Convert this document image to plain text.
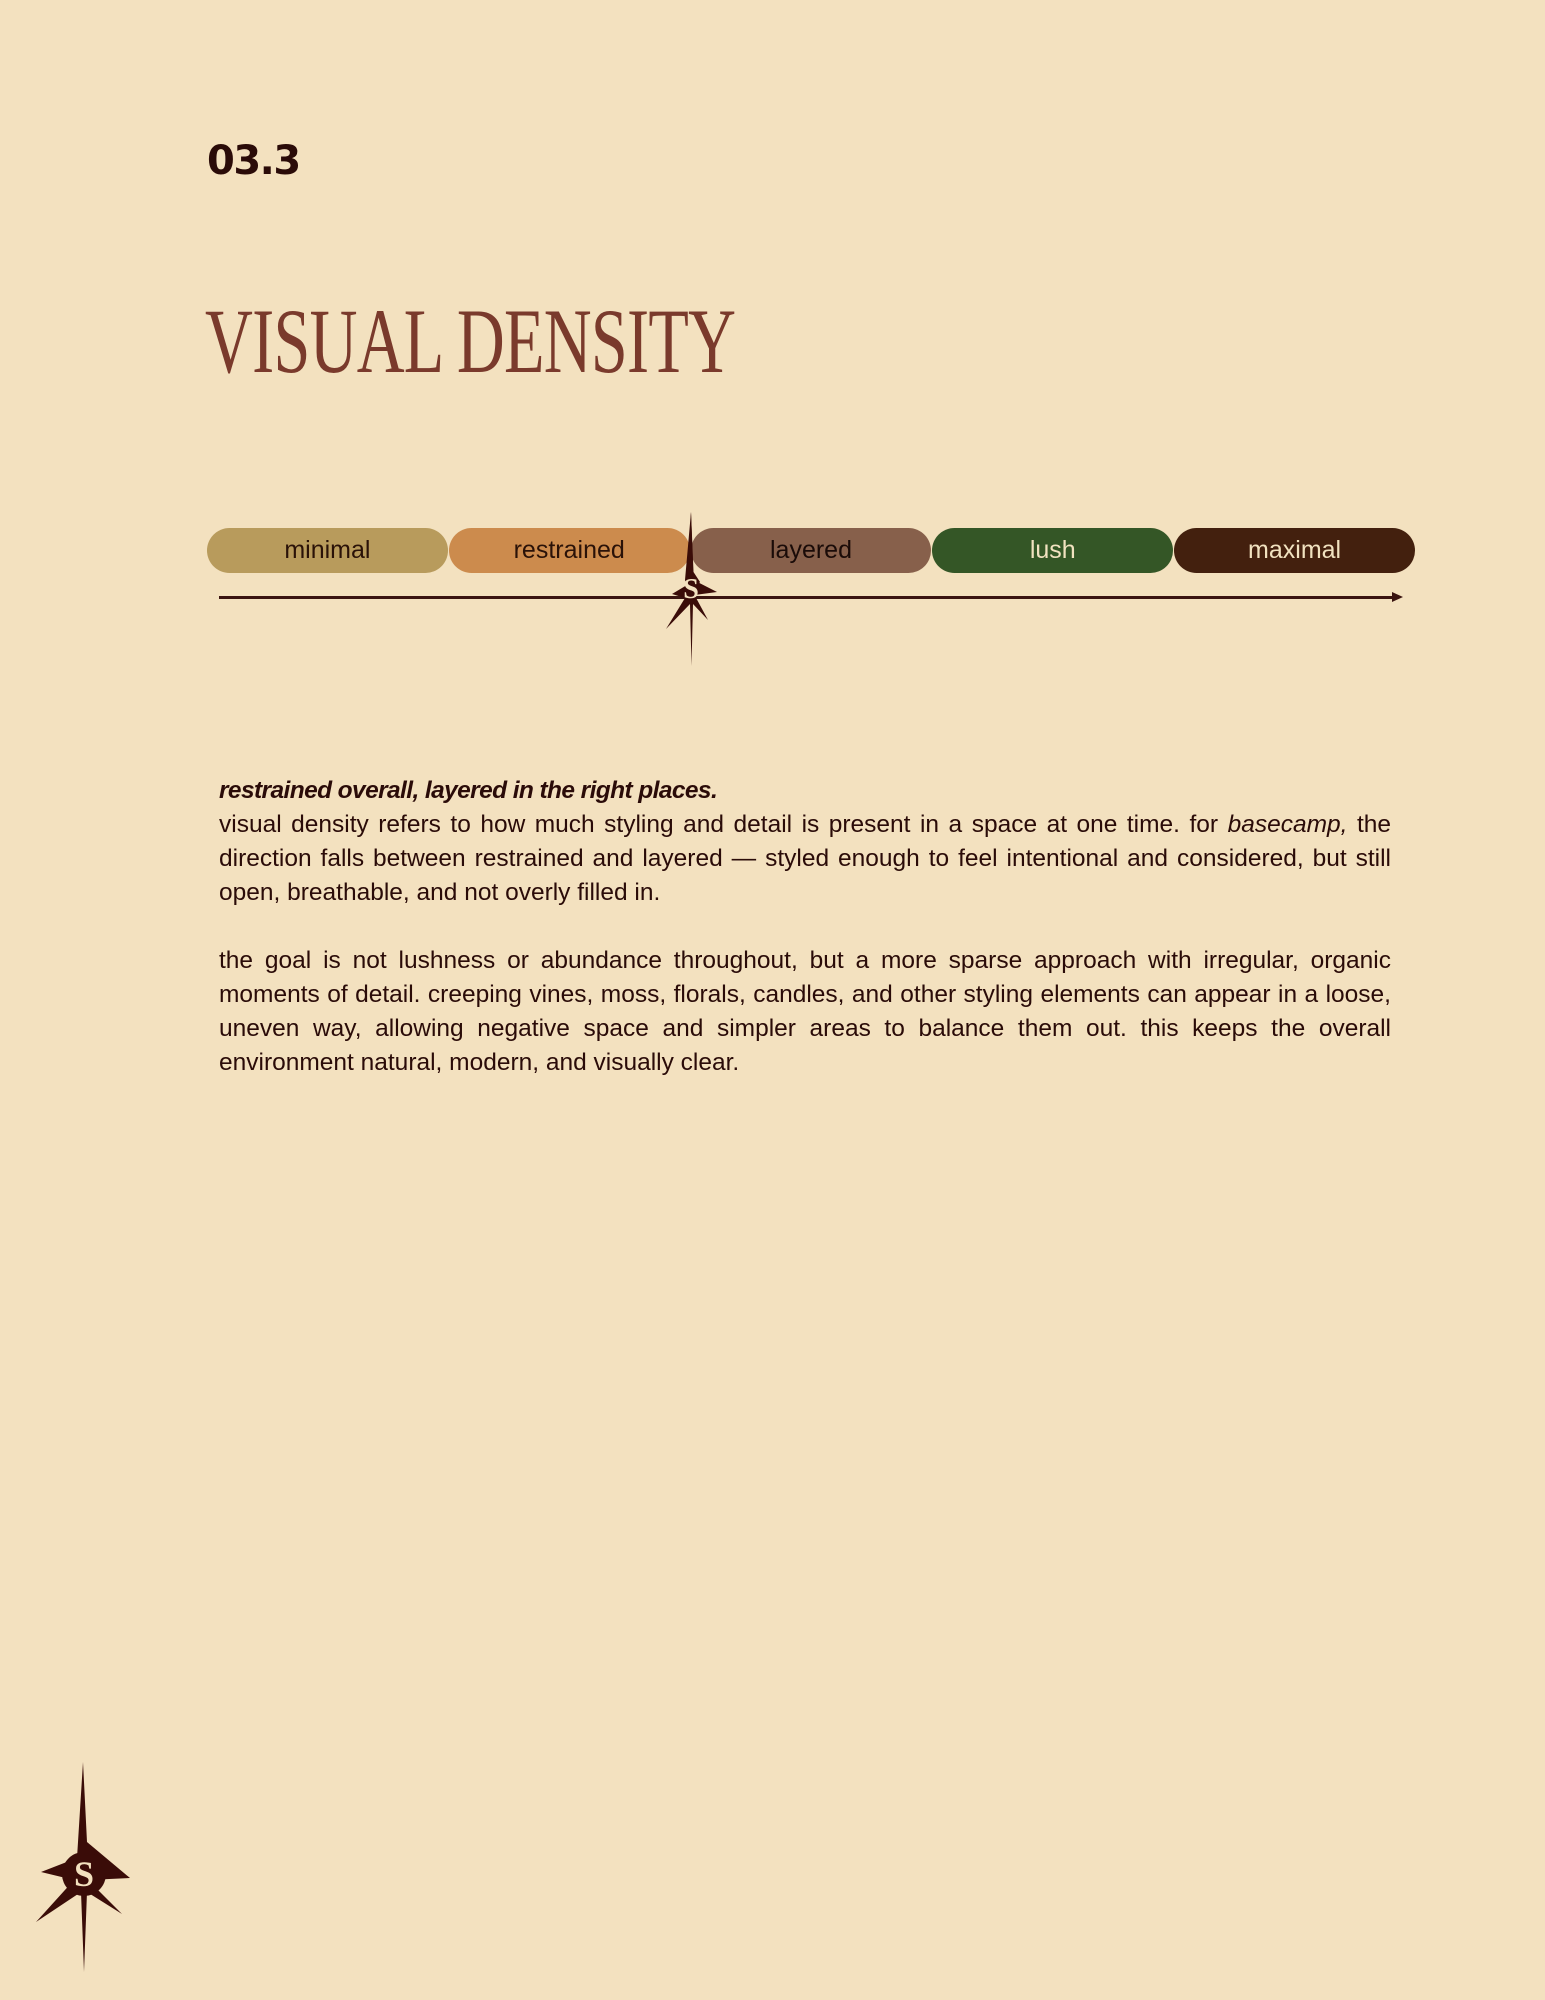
03.3
VISUAL DENSITY
minimal	restrained	layered	lush	maximal
S

restrained overall, layered in the right places.

visual density refers to how much styling and detail is present in a space at one time. for basecamp, the direction falls between restrained and layered — styled enough to feel intentional and considered, but still open, breathable, and not overly filled in.

the goal is not lushness or abundance throughout, but a more sparse approach with irregular, organic moments of detail. creeping vines, moss, florals, candles, and other styling elements can appear in a loose, uneven way, allowing negative space and simpler areas to balance them out. this keeps the overall environment natural, modern, and visually clear.

S
